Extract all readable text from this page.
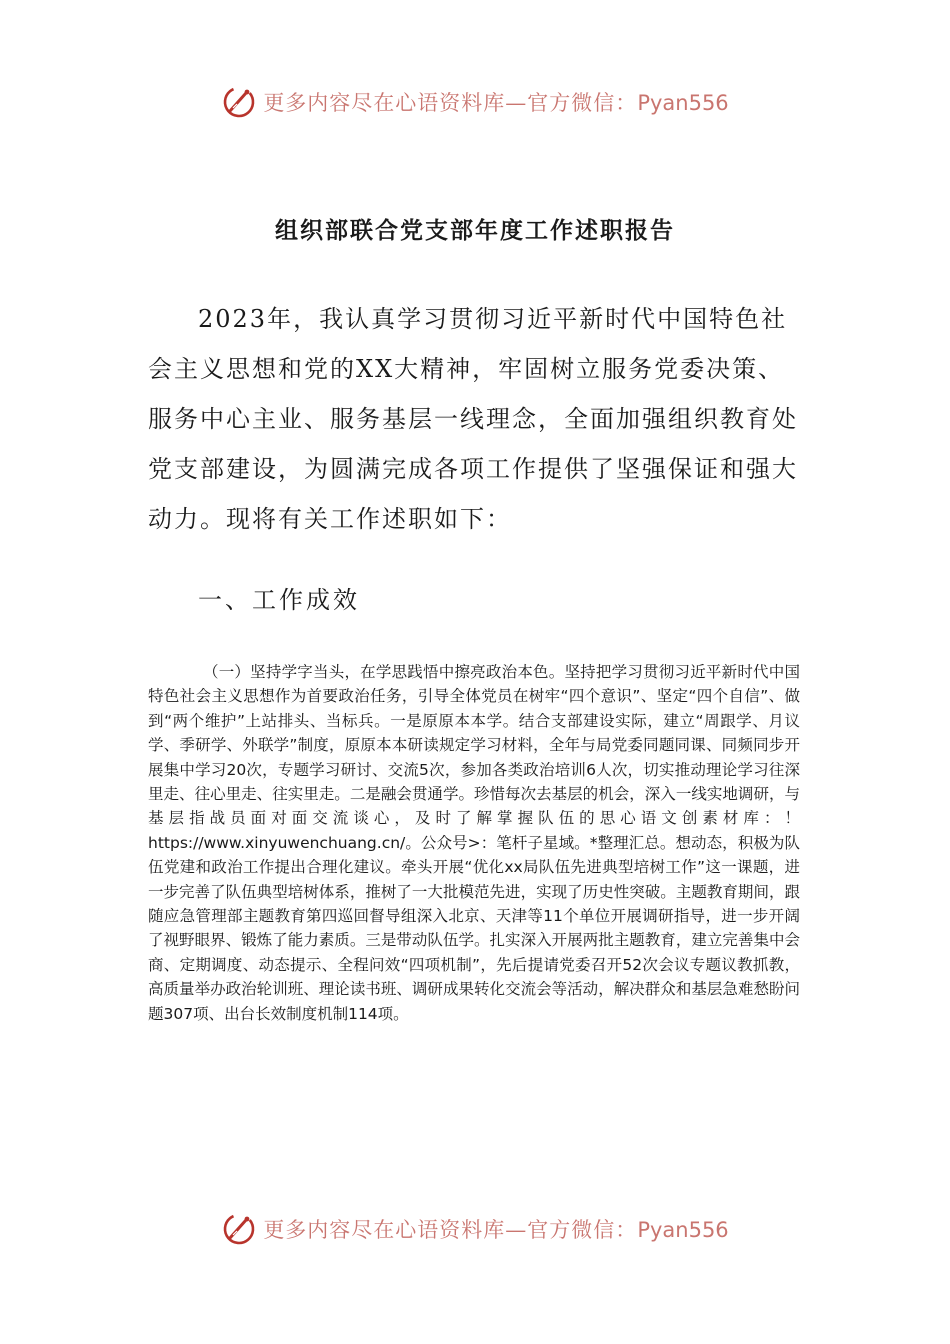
更多内容尽在心语资料库—官方微信：Pyan556
组织部联合党支部年度工作述职报告

2023年，我认真学习贯彻习近平新时代中国特色社会主义思想和党的XX大精神，牢固树立服务党委决策、服务中心主业、服务基层一线理念，全面加强组织教育处党支部建设，为圆满完成各项工作提供了坚强保证和强大动力。现将有关工作述职如下：

一、工作成效

（一）坚持学字当头，在学思践悟中擦亮政治本色。坚持把学习贯彻习近平新时代中国特色社会主义思想作为首要政治任务，引导全体党员在树牢“四个意识”、坚定“四个自信”、做到“两个维护”上站排头、当标兵。一是原原本本学。结合支部建设实际，建立“周跟学、月议学、季研学、外联学”制度，原原本本研读规定学习材料，全年与局党委同题同课、同频同步开展集中学习20次，专题学习研讨、交流5次，参加各类政治培训6人次，切实推动理论学习往深里走、往心里走、往实里走。二是融会贯通学。珍惜每次去基层的机会，深入一线实地调研，与基层指战员面对面交流谈心，及时了解掌握队伍的思心语文创素材库：！https://www.xinyuwenchuang.cn/。公众号>：笔杆子星域。*整理汇总。想动态，积极为队伍党建和政治工作提出合理化建议。牵头开展“优化xx局队伍先进典型培树工作”这一课题，进一步完善了队伍典型培树体系，推树了一大批模范先进，实现了历史性突破。主题教育期间，跟随应急管理部主题教育第四巡回督导组深入北京、天津等11个单位开展调研指导，进一步开阔了视野眼界、锻炼了能力素质。三是带动队伍学。扎实深入开展两批主题教育，建立完善集中会商、定期调度、动态提示、全程问效“四项机制”，先后提请党委召开52次会议专题议教抓教，高质量举办政治轮训班、理论读书班、调研成果转化交流会等活动，解决群众和基层急难愁盼问题307项、出台长效制度机制114项。

更多内容尽在心语资料库—官方微信：Pyan556
